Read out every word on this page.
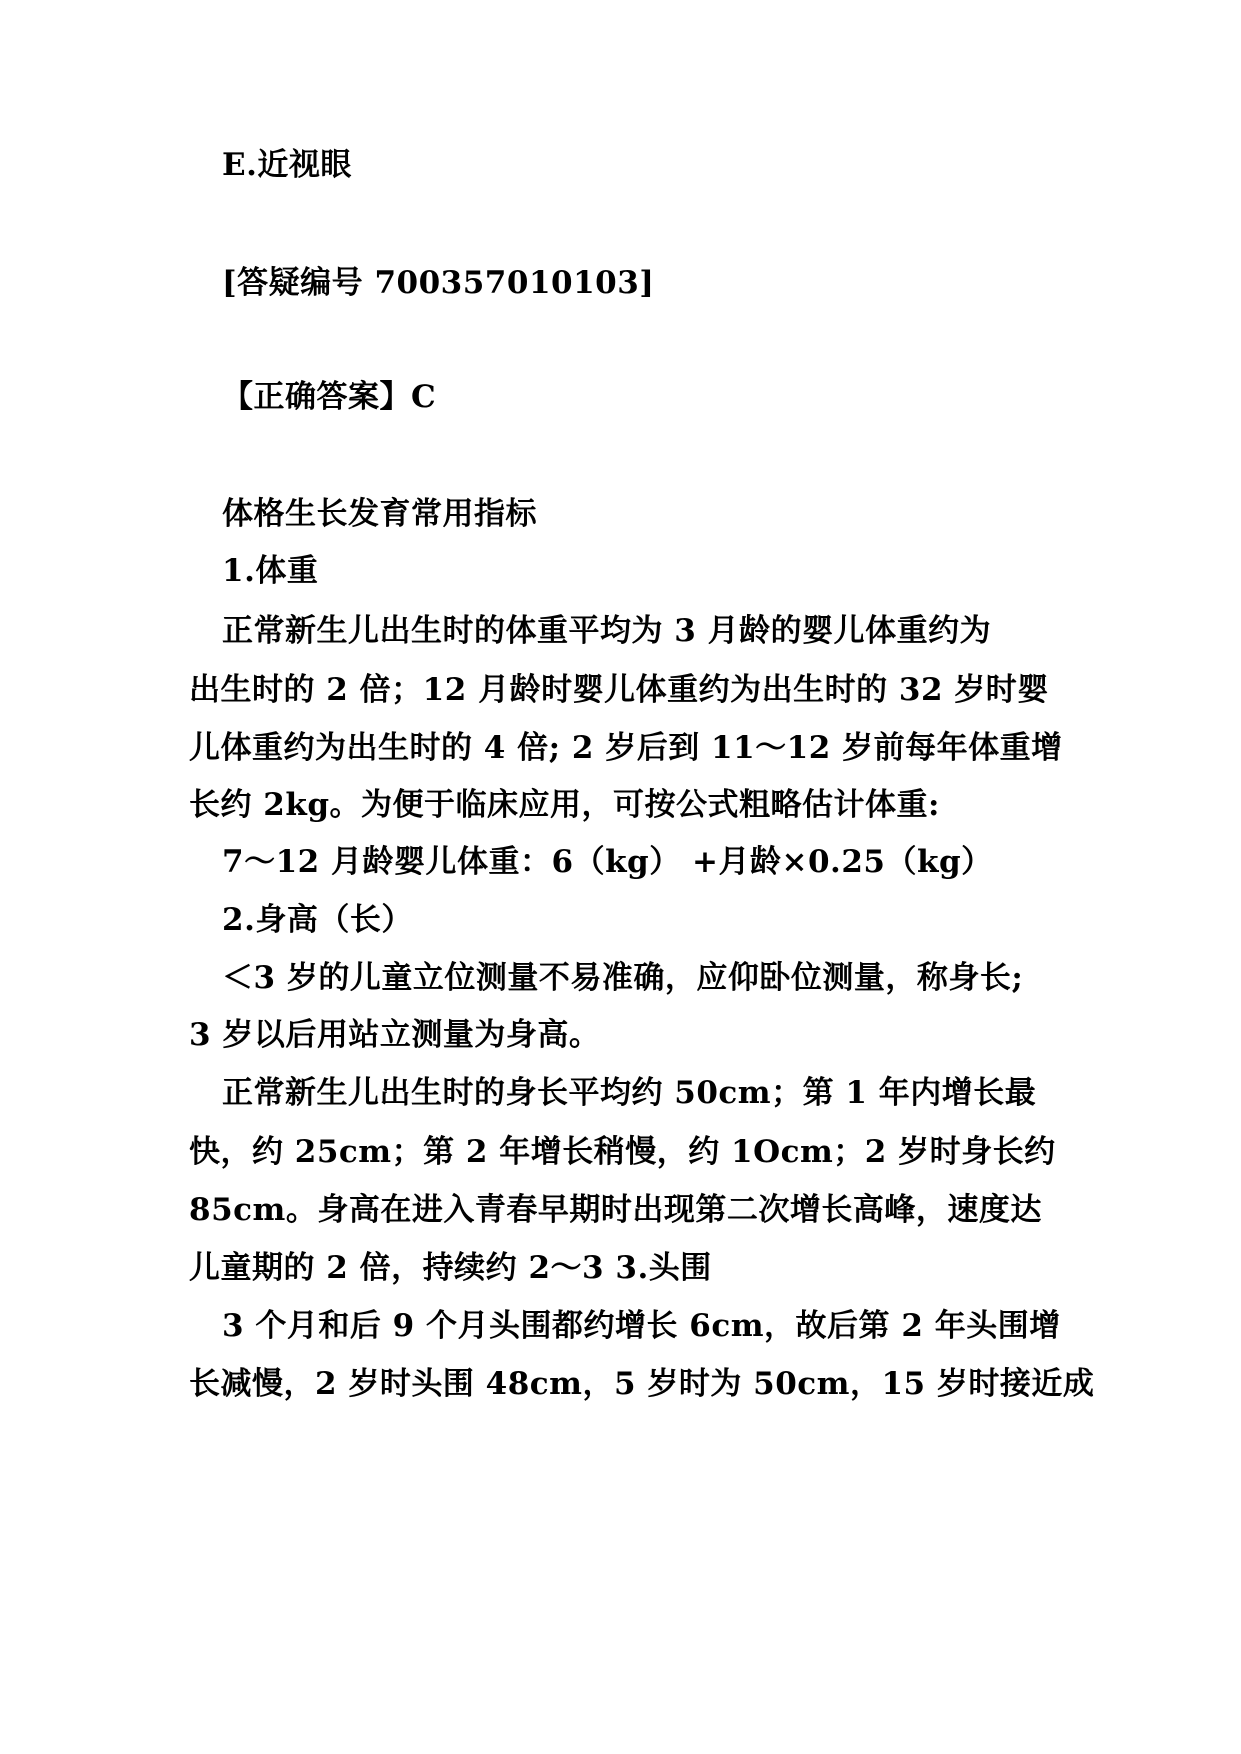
E.近视眼
[答疑编号 700357010103]
【正确答案】C
体格生长发育常用指标
1.体重
正常新生儿出生时的体重平均为 3 月龄的婴儿体重约为
出生时的 2 倍；12 月龄时婴儿体重约为出生时的 32 岁时婴
儿体重约为出生时的 4 倍; 2 岁后到 11～12 岁前每年体重增
长约 2kg。为便于临床应用，可按公式粗略估计体重:
7～12 月龄婴儿体重：6（kg） +月龄×0.25（kg）
2.身高（长）
＜3 岁的儿童立位测量不易准确，应仰卧位测量，称身长;
3 岁以后用站立测量为身高。
正常新生儿出生时的身长平均约 50cm；第 1 年内增长最
快，约 25cm；第 2 年增长稍慢，约 1Ocm；2 岁时身长约
85cm。身高在进入青春早期时出现第二次增长高峰，速度达
儿童期的 2 倍，持续约 2～3 3.头围
3 个月和后 9 个月头围都约增长 6cm，故后第 2 年头围增
长减慢，2 岁时头围 48cm，5 岁时为 50cm，15 岁时接近成
